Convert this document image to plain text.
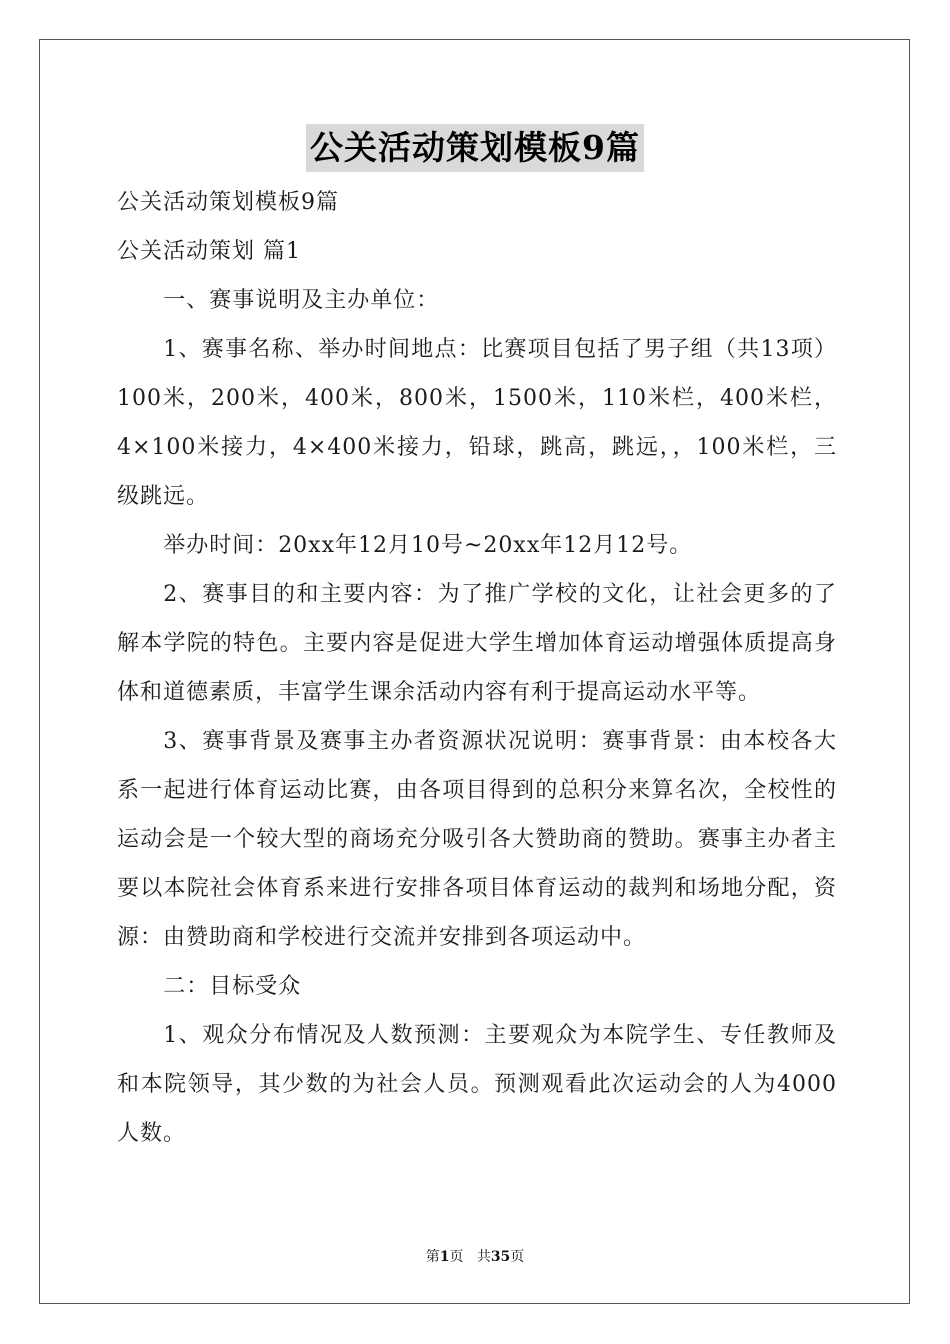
公关活动策划模板9篇

公关活动策划模板9篇

公关活动策划 篇1

一、赛事说明及主办单位：

1、赛事名称、举办时间地点：比赛项目包括了男子组（共13项）100米，200米，400米，800米，1500米，110米栏，400米栏，4×100米接力，4×400米接力，铅球，跳高，跳远，，100米栏，三级跳远。

举办时间：20xx年12月10号~20xx年12月12号。

2、赛事目的和主要内容：为了推广学校的文化，让社会更多的了解本学院的特色。主要内容是促进大学生增加体育运动增强体质提高身体和道德素质，丰富学生课余活动内容有利于提高运动水平等。

3、赛事背景及赛事主办者资源状况说明：赛事背景：由本校各大系一起进行体育运动比赛，由各项目得到的总积分来算名次，全校性的运动会是一个较大型的商场充分吸引各大赞助商的赞助。赛事主办者主要以本院社会体育系来进行安排各项目体育运动的裁判和场地分配，资源：由赞助商和学校进行交流并安排到各项运动中。

二：目标受众

1、观众分布情况及人数预测：主要观众为本院学生、专任教师及和本院领导，其少数的为社会人员。预测观看此次运动会的人为4000人数。

第1页 共35页
